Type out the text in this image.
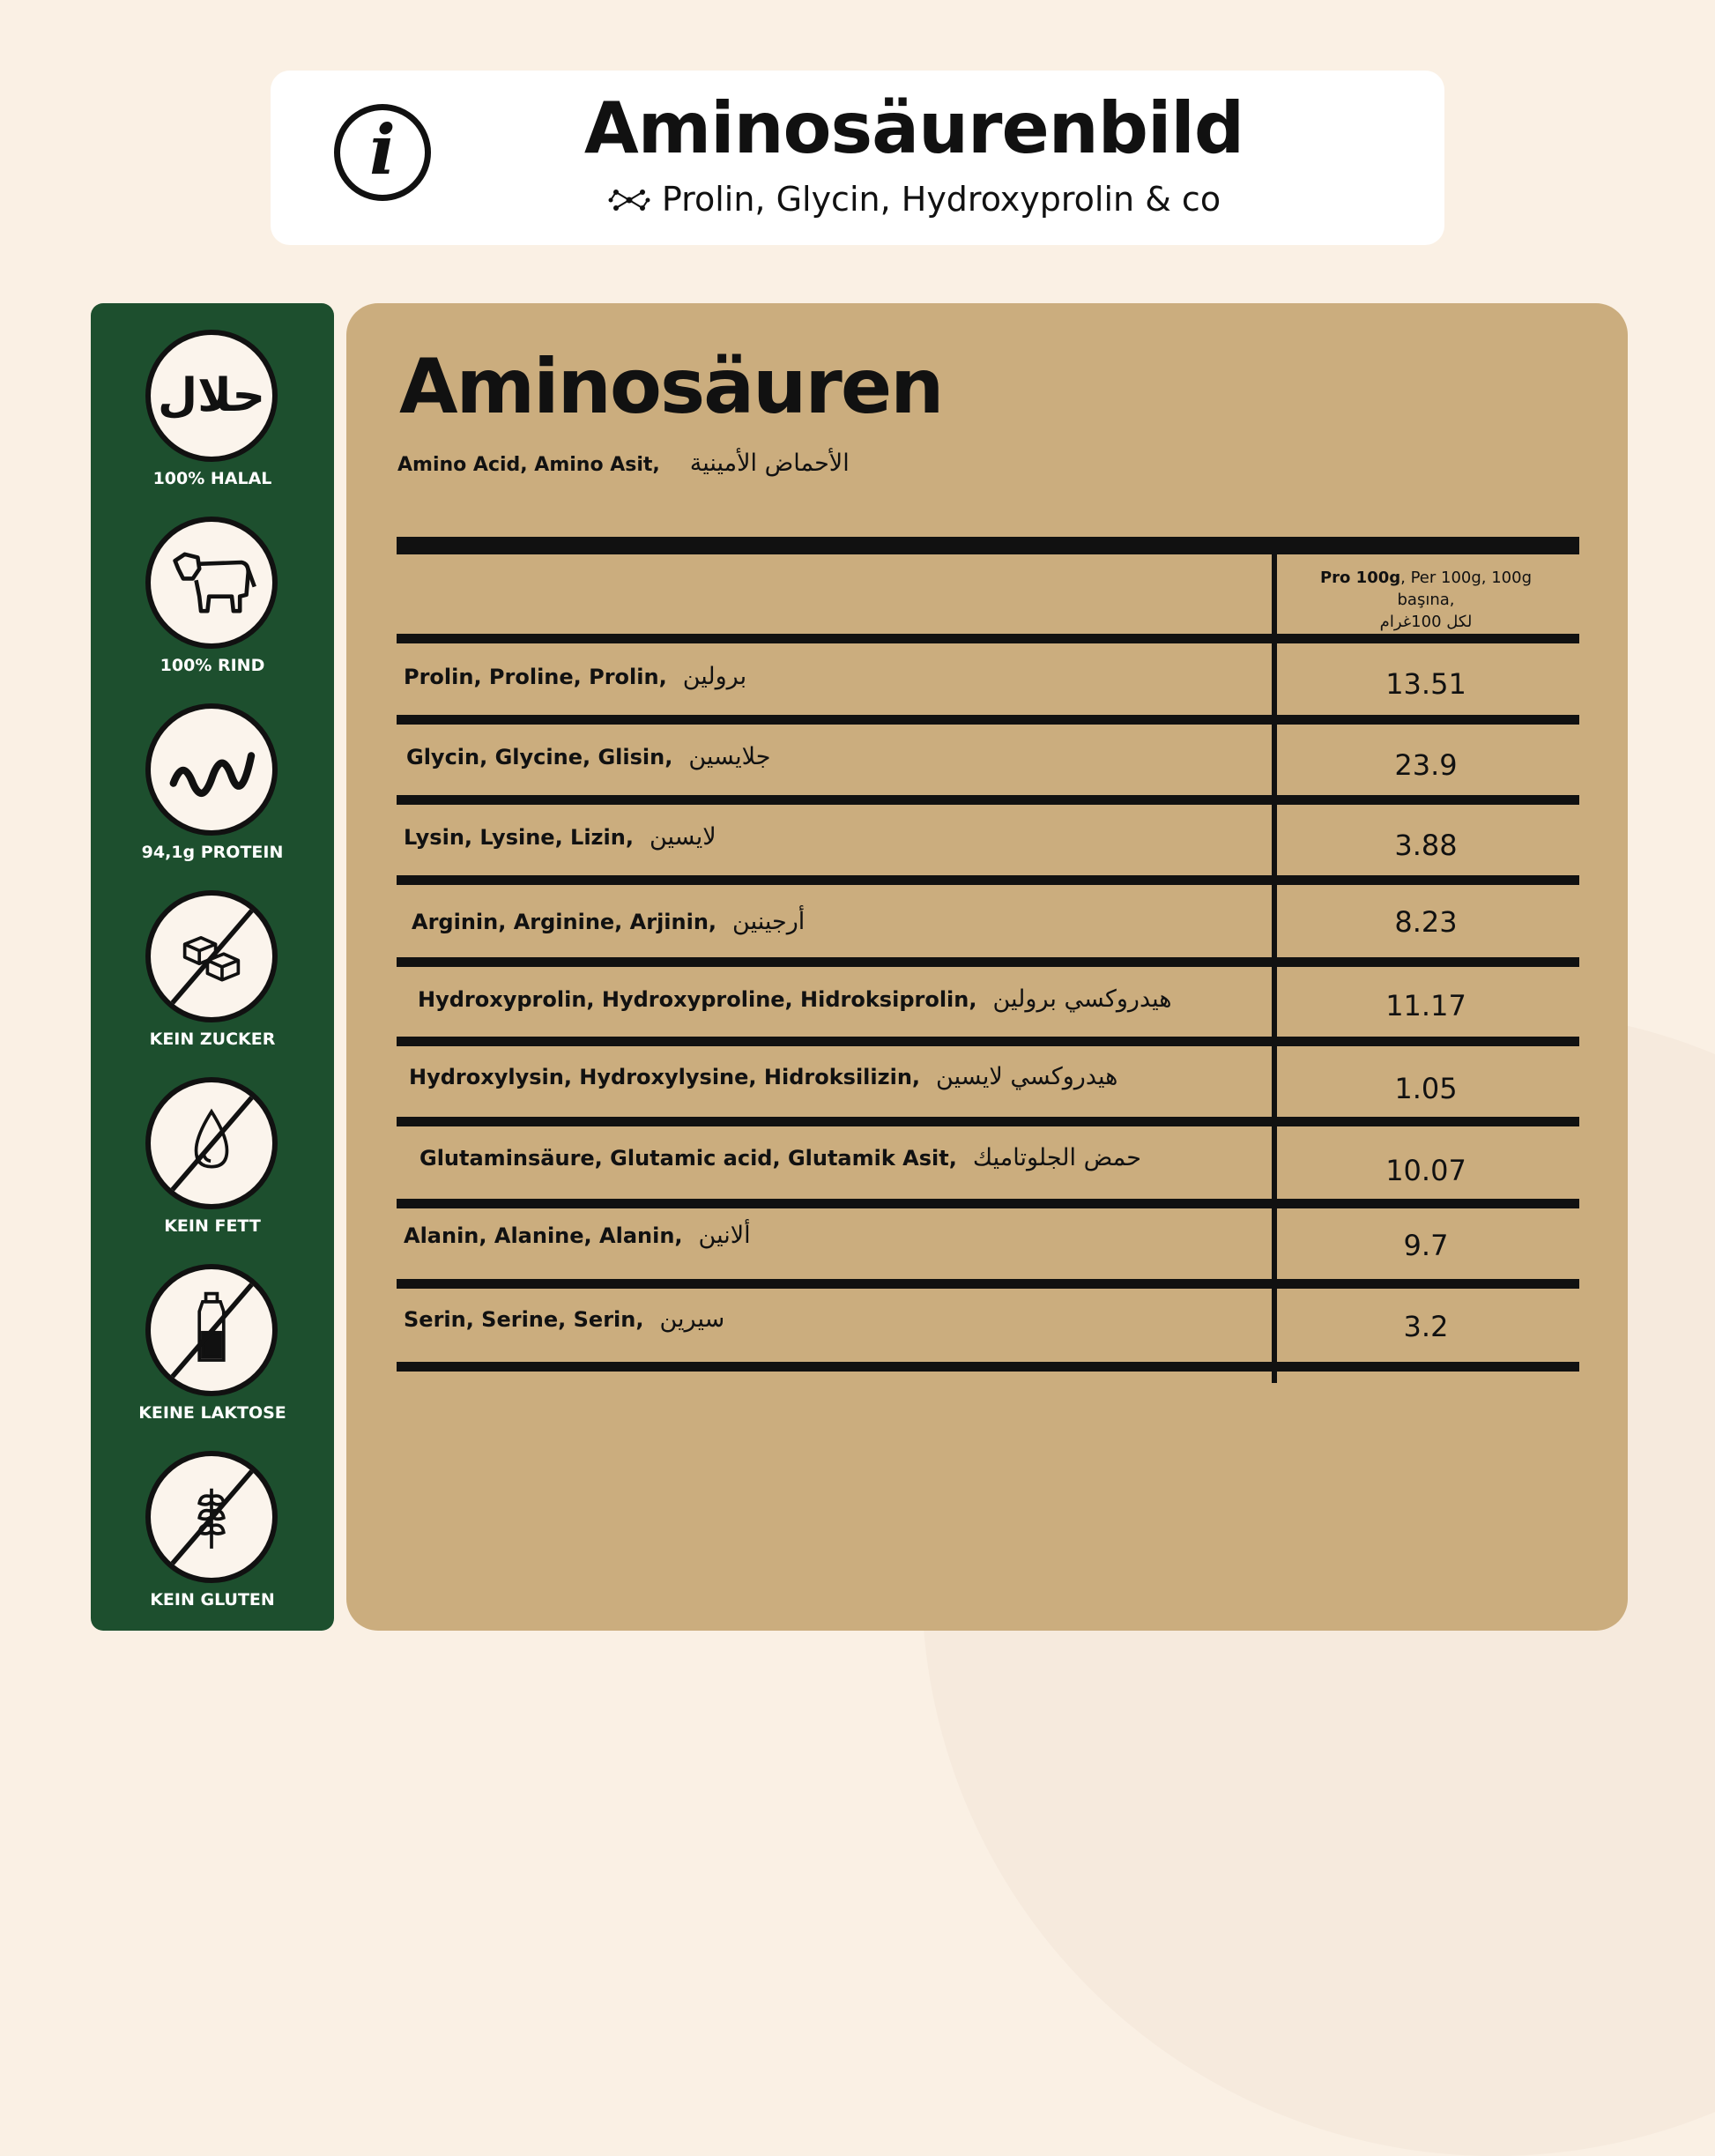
i	Aminosäurenbild
Prolin, Glycin, Hydroxyprolin & co
حلال
100% HALAL
100% RIND
94,1g PROTEIN
KEIN ZUCKER
KEIN FETT
KEINE LAKTOSE
KEIN GLUTEN
Aminosäuren
Amino Acid, Amino Asit, الأحماض الأمينية
Pro 100g, Per 100g, 100g
başına,
لكل 100غرام
Prolin, Proline, Prolin, برولين	13.51
Glycin, Glycine, Glisin, جلايسين	23.9
Lysin, Lysine, Lizin, لايسين	3.88
Arginin, Arginine, Arjinin, أرجينين	8.23
Hydroxyprolin, Hydroxyproline, Hidroksiprolin, هيدروكسي برولين	11.17
Hydroxylysin, Hydroxylysine, Hidroksilizin, هيدروكسي لايسين	1.05
Glutaminsäure, Glutamic acid, Glutamik Asit, حمض الجلوتاميك	10.07
Alanin, Alanine, Alanin, ألانين	9.7
Serin, Serine, Serin, سيرين	3.2
